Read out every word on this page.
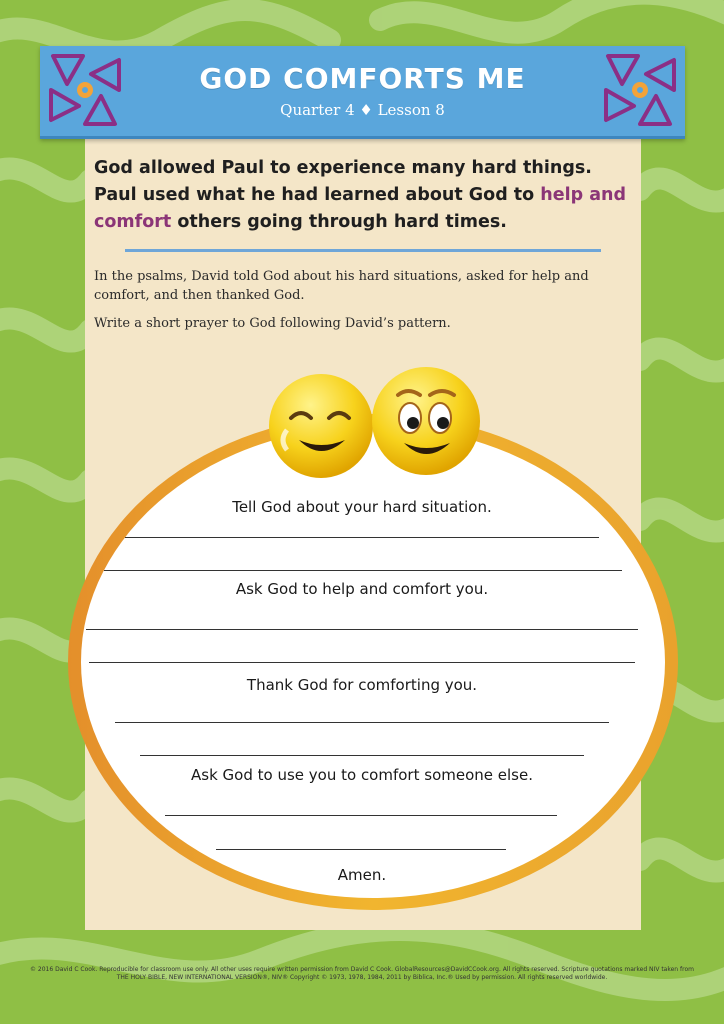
GOD COMFORTS ME
Quarter 4 ♦ Lesson 8
God allowed Paul to experience many hard things. Paul used what he had learned about God to help and comfort others going through hard times.
In the psalms, David told God about his hard situations, asked for help and comfort, and then thanked God.
Write a short prayer to God following David’s pattern.
Tell God about your hard situation.
Ask God to help and comfort you.
Thank God for comforting you.
Ask God to use you to comfort someone else.
Amen.
© 2016 David C Cook. Reproducible for classroom use only. All other uses require written permission from David C Cook. GlobalResources@DavidCCook.org. All rights reserved. Scripture quotations marked NIV taken from
THE HOLY BIBLE, NEW INTERNATIONAL VERSION®, NIV® Copyright © 1973, 1978, 1984, 2011 by Biblica, Inc.® Used by permission. All rights reserved worldwide.
